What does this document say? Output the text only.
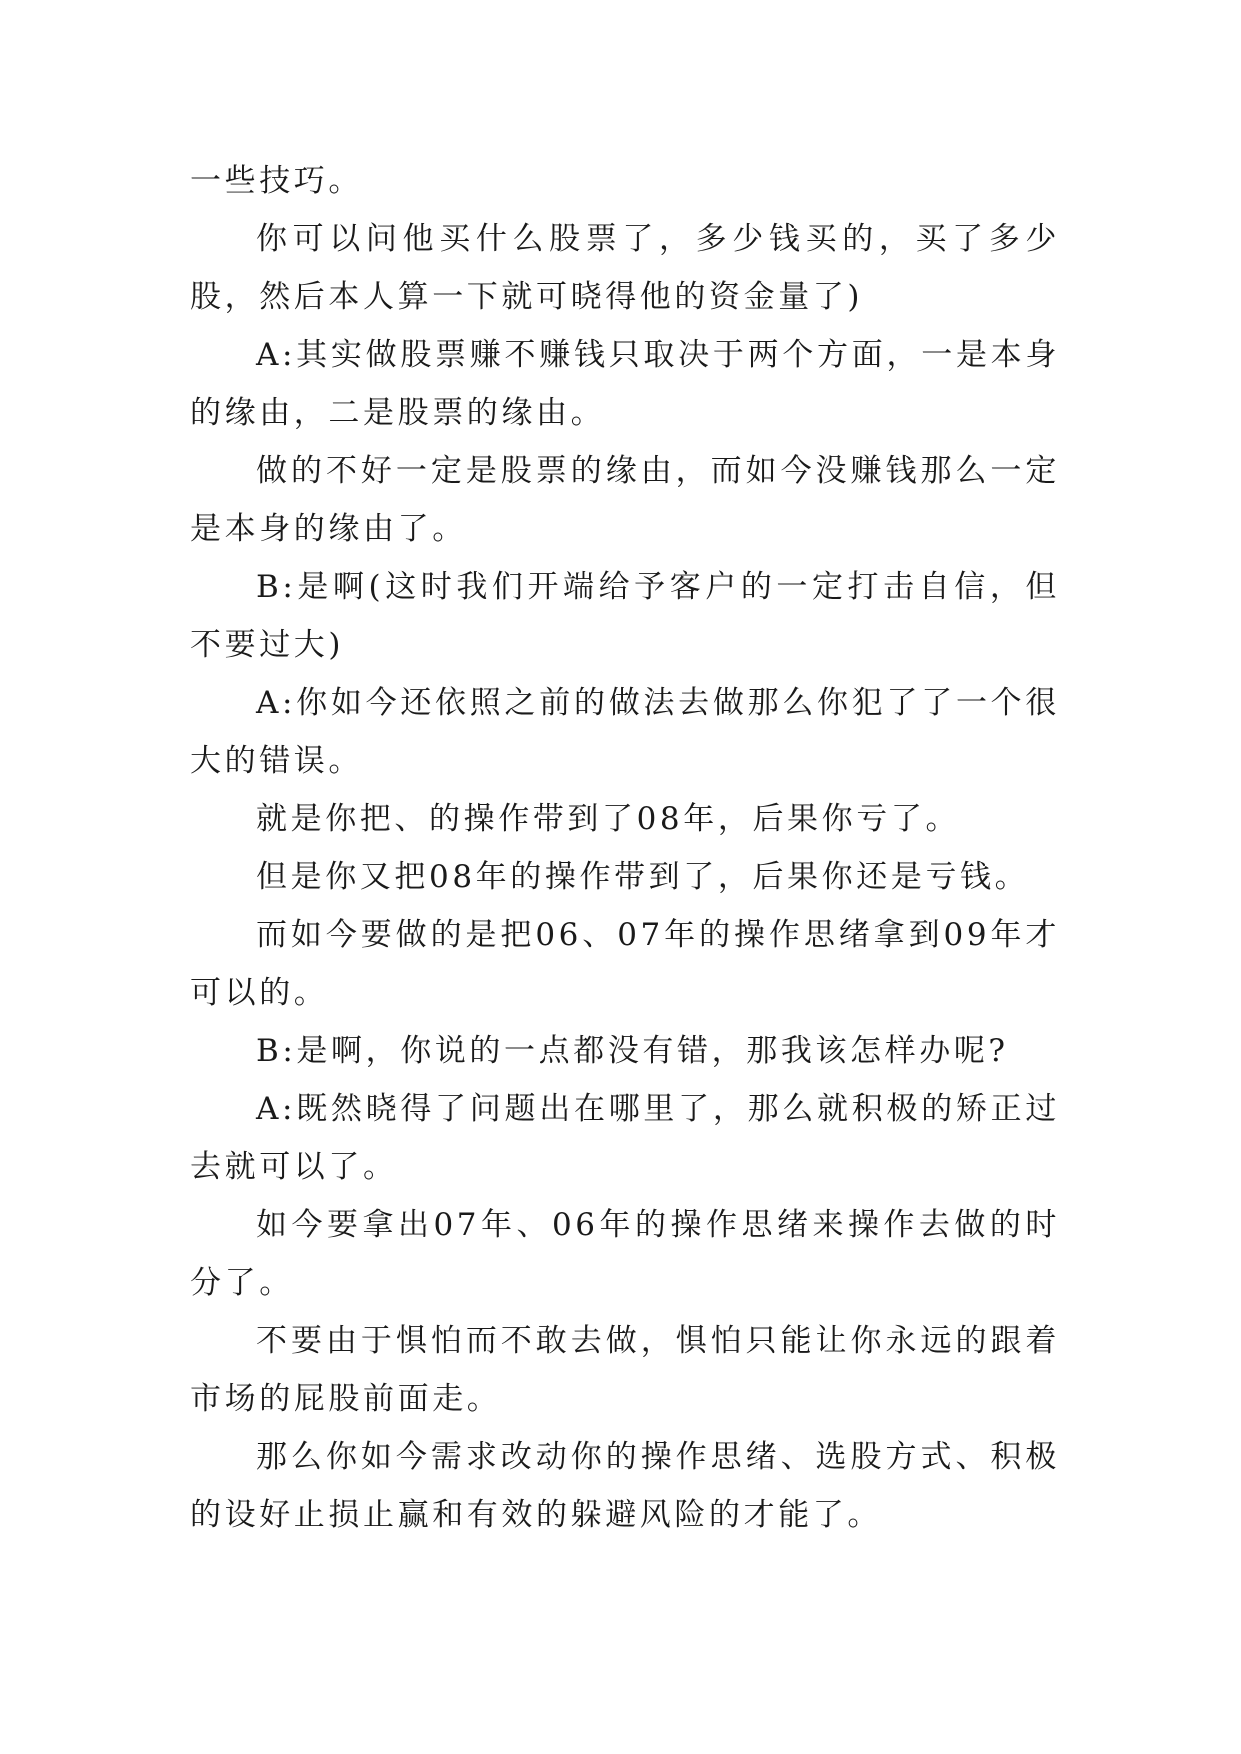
一些技巧。

你可以问他买什么股票了，多少钱买的，买了多少股，然后本人算一下就可晓得他的资金量了)

A:其实做股票赚不赚钱只取决于两个方面，一是本身的缘由，二是股票的缘由。

做的不好一定是股票的缘由，而如今没赚钱那么一定是本身的缘由了。

B:是啊(这时我们开端给予客户的一定打击自信，但不要过大)

A:你如今还依照之前的做法去做那么你犯了了一个很大的错误。

就是你把、的操作带到了08年，后果你亏了。

但是你又把08年的操作带到了，后果你还是亏钱。

而如今要做的是把06、07年的操作思绪拿到09年才可以的。

B:是啊，你说的一点都没有错，那我该怎样办呢?

A:既然晓得了问题出在哪里了，那么就积极的矫正过去就可以了。

如今要拿出07年、06年的操作思绪来操作去做的时分了。

不要由于惧怕而不敢去做，惧怕只能让你永远的跟着市场的屁股前面走。

那么你如今需求改动你的操作思绪、选股方式、积极的设好止损止赢和有效的躲避风险的才能了。
